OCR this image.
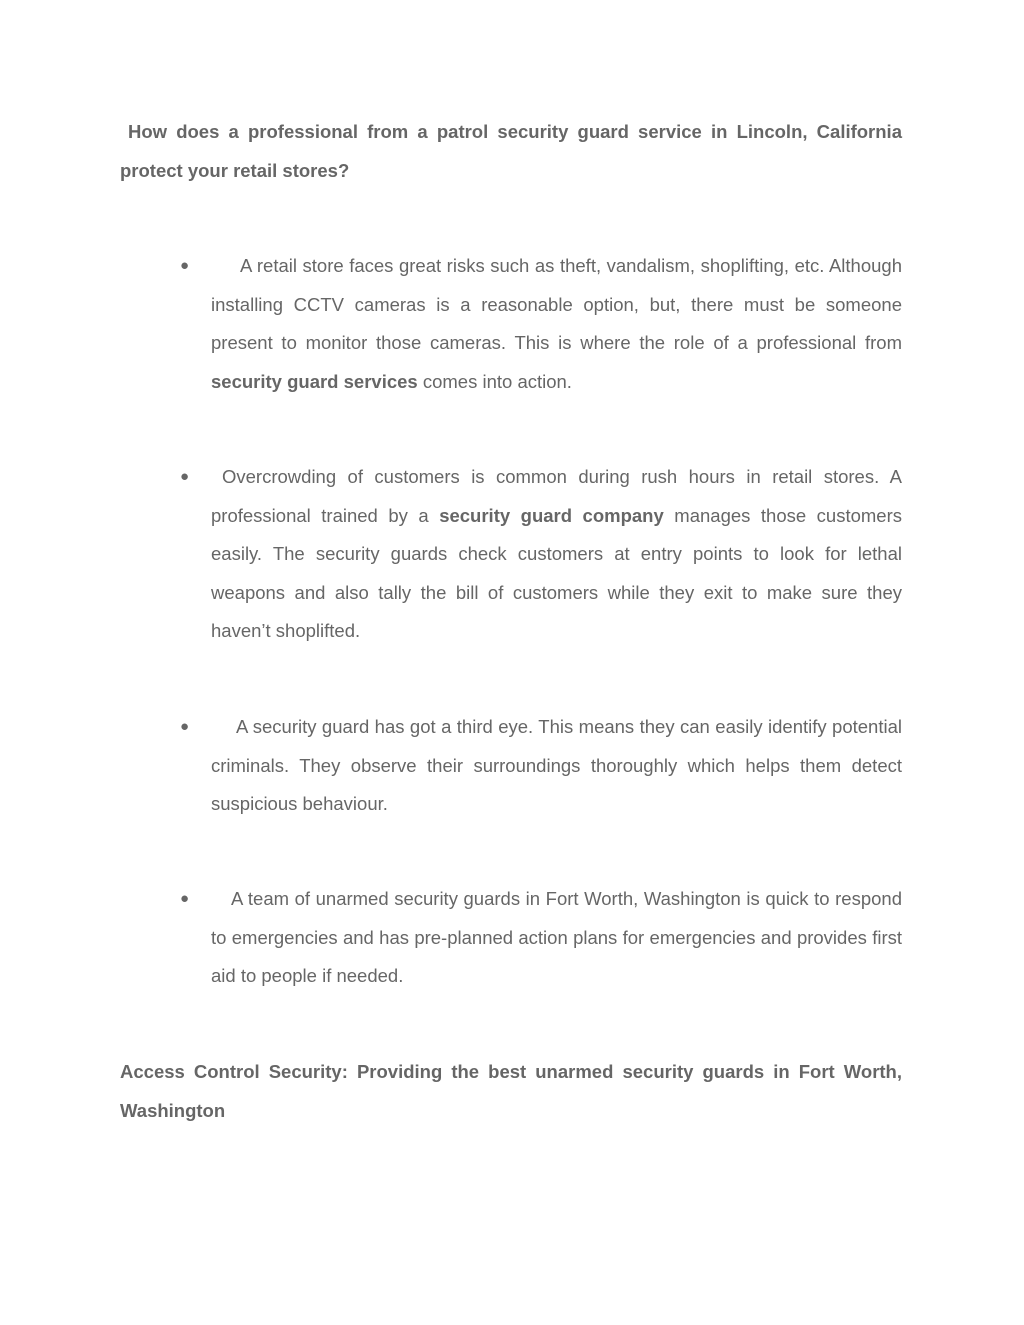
How does a professional from a patrol security guard service in Lincoln, California protect your retail stores?

●	A retail store faces great risks such as theft, vandalism, shoplifting, etc. Although installing CCTV cameras is a reasonable option, but, there must be someone present to monitor those cameras. This is where the role of a professional from security guard services comes into action.

●	Overcrowding of customers is common during rush hours in retail stores. A professional trained by a security guard company manages those customers easily. The security guards check customers at entry points to look for lethal weapons and also tally the bill of customers while they exit to make sure they haven’t shoplifted.

●	A security guard has got a third eye. This means they can easily identify potential criminals. They observe their surroundings thoroughly which helps them detect suspicious behaviour.

●	A team of unarmed security guards in Fort Worth, Washington is quick to respond to emergencies and has pre-planned action plans for emergencies and provides first aid to people if needed.

Access Control Security: Providing the best unarmed security guards in Fort Worth, Washington
